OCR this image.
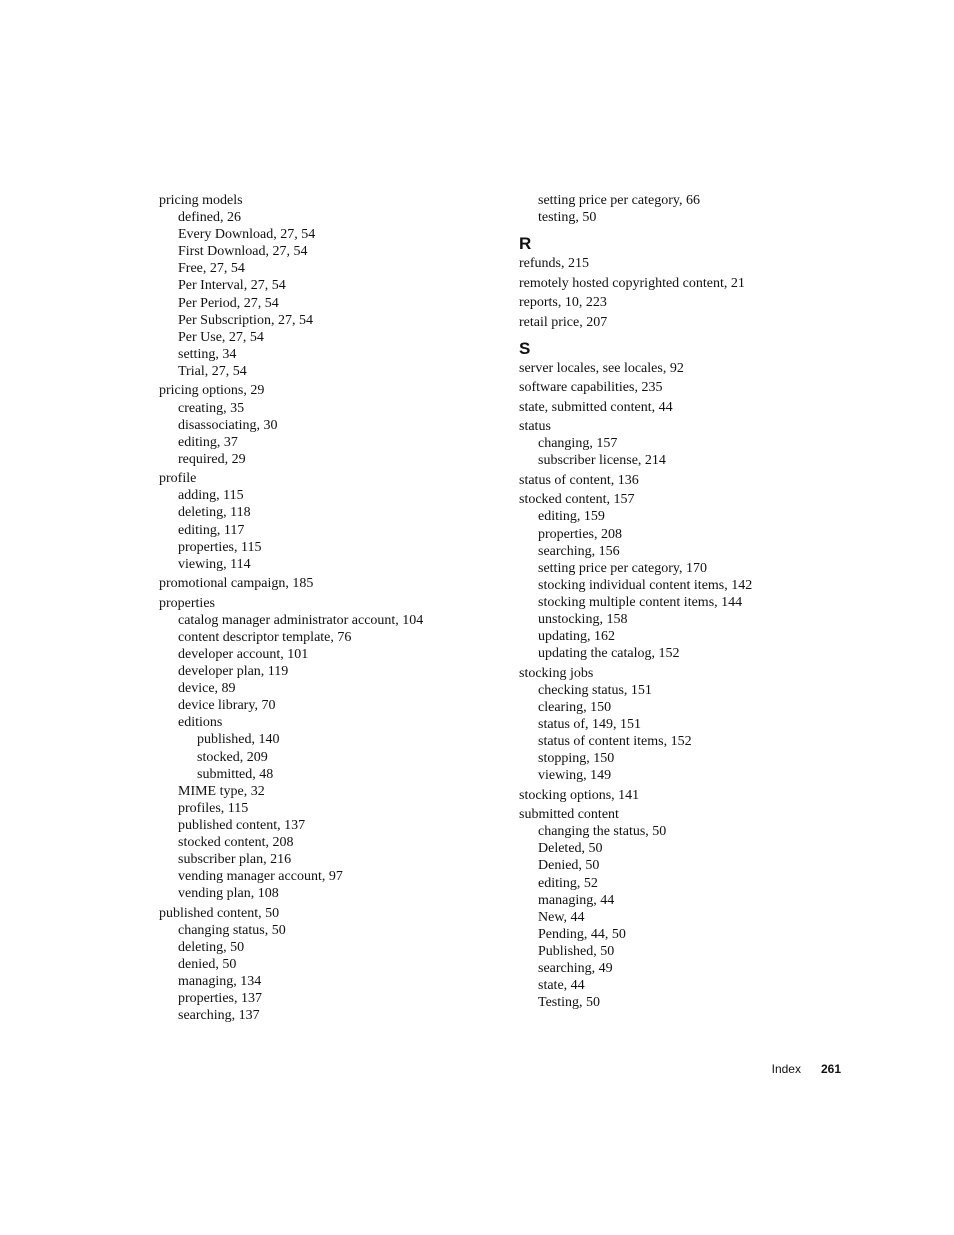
pricing models
defined, 26
Every Download, 27, 54
First Download, 27, 54
Free, 27, 54
Per Interval, 27, 54
Per Period, 27, 54
Per Subscription, 27, 54
Per Use, 27, 54
setting, 34
Trial, 27, 54
pricing options, 29
creating, 35
disassociating, 30
editing, 37
required, 29
profile
adding, 115
deleting, 118
editing, 117
properties, 115
viewing, 114
promotional campaign, 185
properties
catalog manager administrator account, 104
content descriptor template, 76
developer account, 101
developer plan, 119
device, 89
device library, 70
editions
published, 140
stocked, 209
submitted, 48
MIME type, 32
profiles, 115
published content, 137
stocked content, 208
subscriber plan, 216
vending manager account, 97
vending plan, 108
published content, 50
changing status, 50
deleting, 50
denied, 50
managing, 134
properties, 137
searching, 137
setting price per category, 66
testing, 50
R
refunds, 215
remotely hosted copyrighted content, 21
reports, 10, 223
retail price, 207
S
server locales, see locales, 92
software capabilities, 235
state, submitted content, 44
status
changing, 157
subscriber license, 214
status of content, 136
stocked content, 157
editing, 159
properties, 208
searching, 156
setting price per category, 170
stocking individual content items, 142
stocking multiple content items, 144
unstocking, 158
updating, 162
updating the catalog, 152
stocking jobs
checking status, 151
clearing, 150
status of, 149, 151
status of content items, 152
stopping, 150
viewing, 149
stocking options, 141
submitted content
changing the status, 50
Deleted, 50
Denied, 50
editing, 52
managing, 44
New, 44
Pending, 44, 50
Published, 50
searching, 49
state, 44
Testing, 50
Index 261
